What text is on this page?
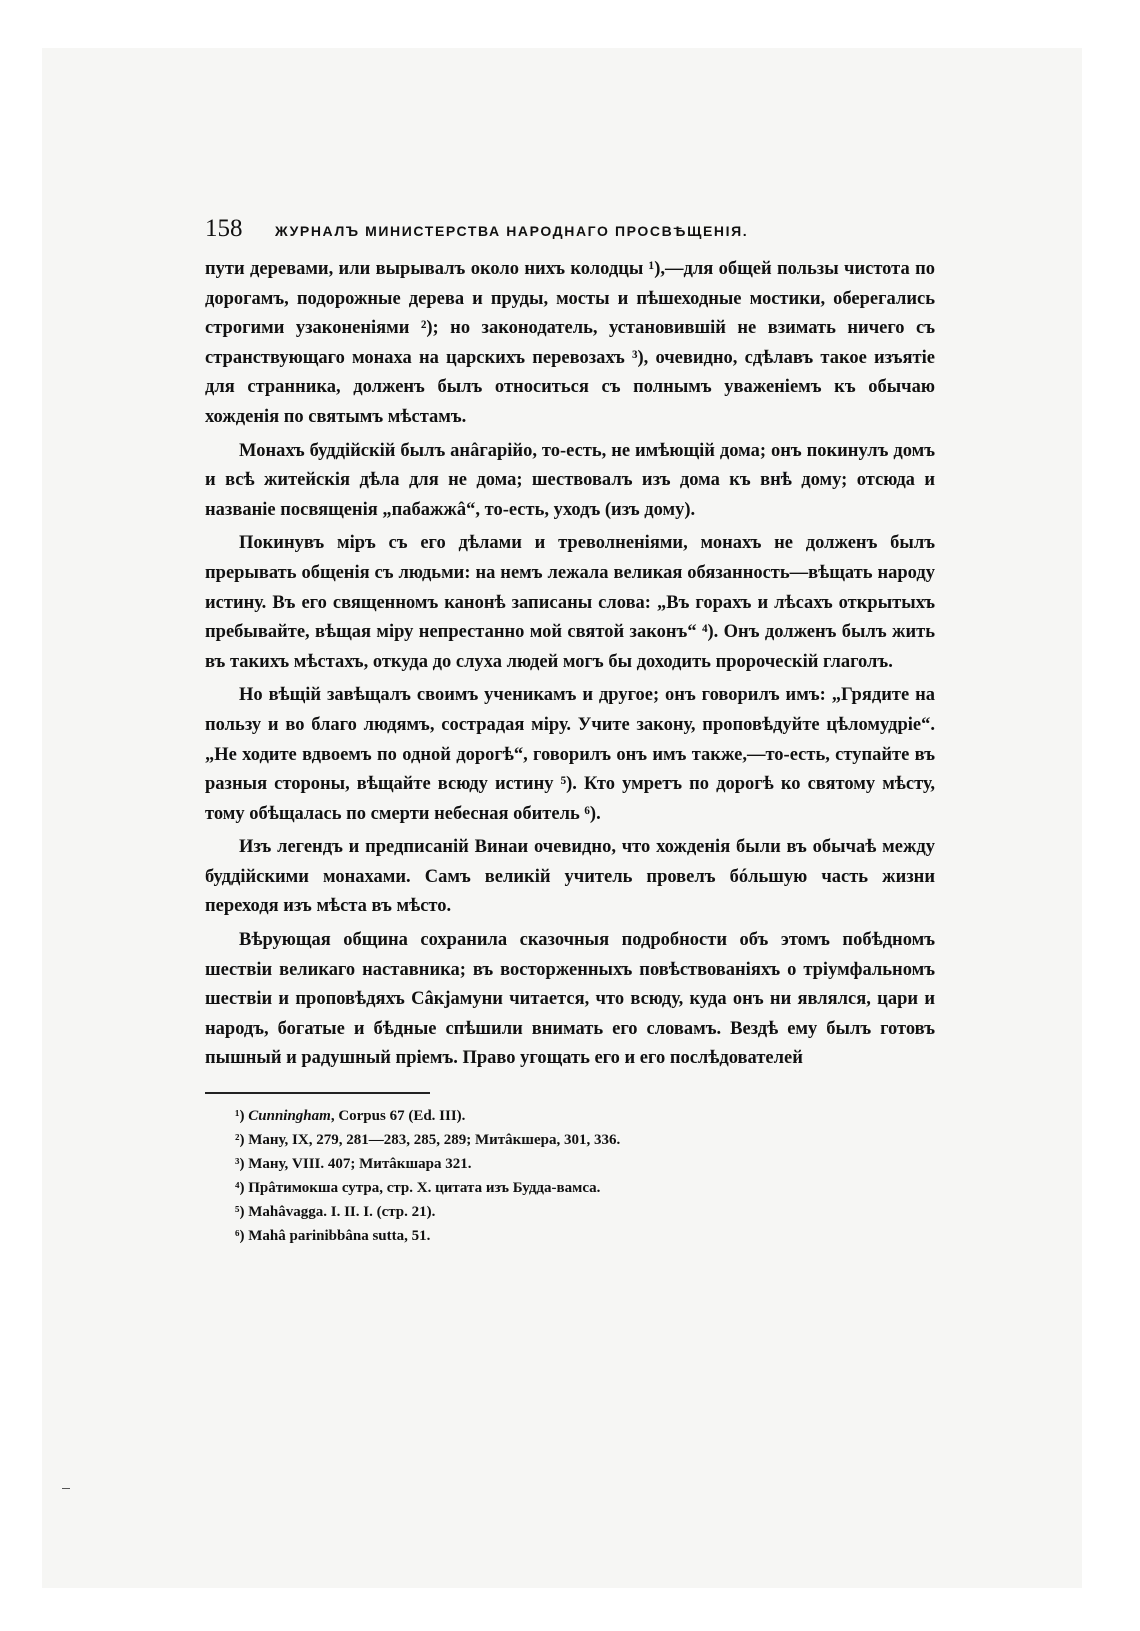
158	ЖУРНАЛЪ МИНИСТЕРСТВА НАРОДНАГО ПРОСВѢЩЕНІЯ.

пути деревами, или вырывалъ около нихъ колодцы ¹),—для общей пользы чистота по дорогамъ, подорожные дерева и пруды, мосты и пѣшеходные мостики, оберегались строгими узаконеніями ²); но законодатель, установившій не взимать ничего съ странствующаго монаха на царскихъ перевозахъ ³), очевидно, сдѣлавъ такое изъятіе для странника, долженъ былъ относиться съ полнымъ уваженіемъ къ обычаю хожденія по святымъ мѣстамъ.

Монахъ буддійскій былъ анâгарійо, то-есть, не имѣющій дома; онъ покинулъ домъ и всѣ житейскія дѣла для не дома; шествовалъ изъ дома къ внѣ дому; отсюда и названіе посвященія „пабажжâ“, то-есть, уходъ (изъ дому).

Покинувъ міръ съ его дѣлами и треволненіями, монахъ не долженъ былъ прерывать общенія съ людьми: на немъ лежала великая обязанность—вѣщать народу истину. Въ его священномъ канонѣ записаны слова: „Въ горахъ и лѣсахъ открытыхъ пребывайте, вѣщая міру непрестанно мой святой законъ“ ⁴). Онъ долженъ былъ жить въ такихъ мѣстахъ, откуда до слуха людей могъ бы доходить пророческій глаголъ.

Но вѣщій завѣщалъ своимъ ученикамъ и другое; онъ говорилъ имъ: „Грядите на пользу и во благо людямъ, сострадая міру. Учите закону, проповѣдуйте цѣломудріе“. „Не ходите вдвоемъ по одной дорогѣ“, говорилъ онъ имъ также,—то-есть, ступайте въ разныя стороны, вѣщайте всюду истину ⁵). Кто умретъ по дорогѣ ко святому мѣсту, тому обѣщалась по смерти небесная обитель ⁶).

Изъ легендъ и предписаній Винаи очевидно, что хожденія были въ обычаѣ между буддійскими монахами. Самъ великій учитель провелъ бóльшую часть жизни переходя изъ мѣста въ мѣсто.

Вѣрующая община сохранила сказочныя подробности объ этомъ побѣдномъ шествіи великаго наставника; въ восторженныхъ повѣствованіяхъ о тріумфальномъ шествіи и проповѣдяхъ Сâкјамуни читается, что всюду, куда онъ ни являлся, цари и народъ, богатые и бѣдные спѣшили внимать его словамъ. Вездѣ ему былъ готовъ пышный и радушный пріемъ. Право угощать его и его послѣдователей

¹) Cunningham, Corpus 67 (Ed. III).
²) Ману, IX, 279, 281—283, 285, 289; Митâкшера, 301, 336.
³) Ману, VIII. 407; Митâкшара 321.
⁴) Прâтимокша сутра, стр. Х. цитата изъ Будда-вамса.
⁵) Mahâvagga. I. II. I. (стр. 21).
⁶) Mahâ parinibbâna sutta, 51.
